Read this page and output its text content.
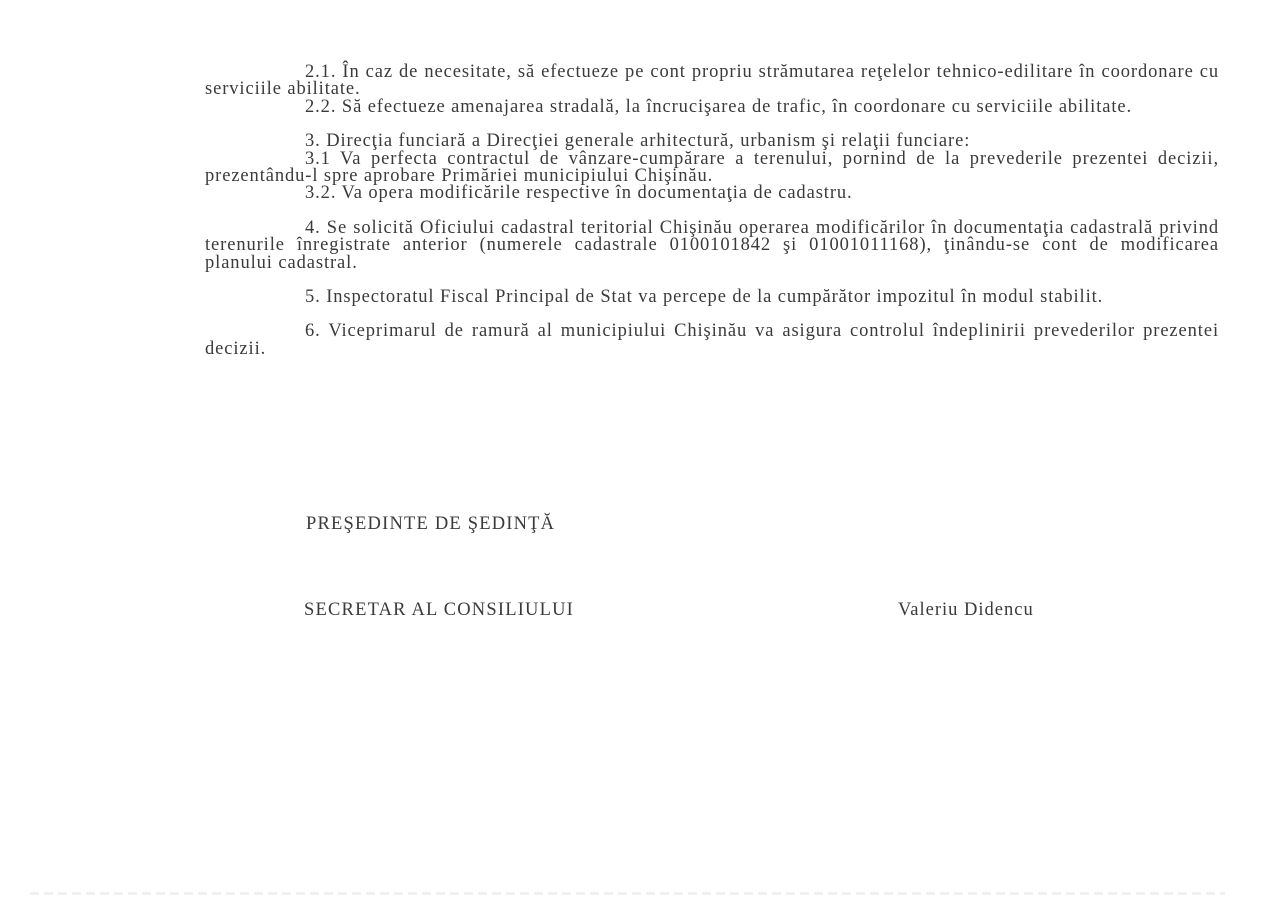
2.1. În caz de necesitate, să efectueze pe cont propriu strămutarea reţelelor tehnico-edilitare în coordonare cu serviciile abilitate.

2.2. Să efectueze amenajarea stradală, la încrucişarea de trafic, în coordonare cu serviciile abilitate.

3. Direcţia funciară a Direcţiei generale arhitectură, urbanism şi relaţii funciare:

3.1 Va perfecta contractul de vânzare-cumpărare a terenului, pornind de la prevederile prezentei decizii, prezentându-l spre aprobare Primăriei municipiului Chişinău.

3.2. Va opera modificările respective în documentaţia de cadastru.

4. Se solicită Oficiului cadastral teritorial Chişinău operarea modificărilor în documentaţia cadastrală privind terenurile înregistrate anterior (numerele cadastrale 0100101842 şi 01001011168), ţinându-se cont de modificarea planului cadastral.

5. Inspectoratul Fiscal Principal de Stat va percepe de la cumpărător impozitul în modul stabilit.

6. Viceprimarul de ramură al municipiului Chişinău va asigura controlul îndeplinirii prevederilor prezentei decizii.

PREŞEDINTE DE ŞEDINŢĂ

SECRETAR AL CONSILIULUI	Valeriu Didencu
